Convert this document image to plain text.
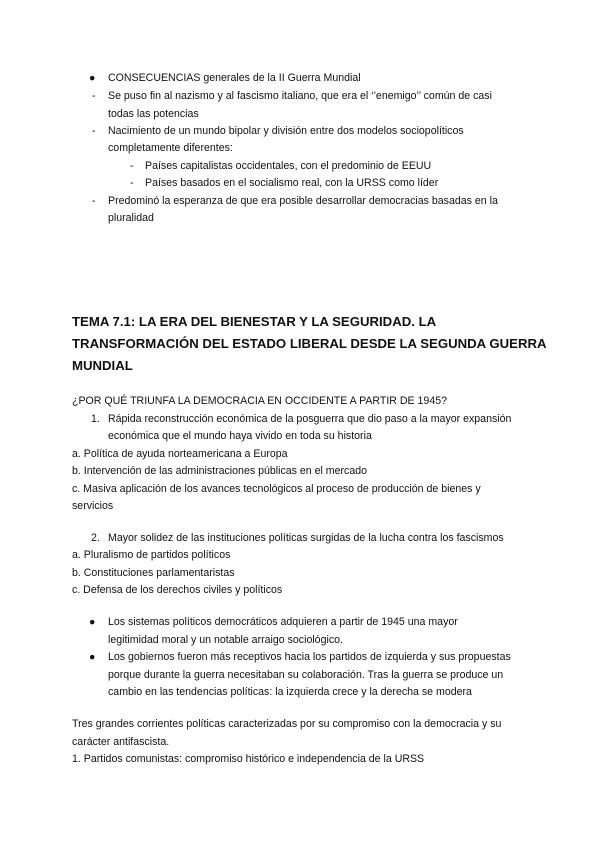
● CONSECUENCIAS generales de la II Guerra Mundial
- Se puso fin al nazismo y al fascismo italiano, que era el ‘’enemigo’’ común de casi
todas las potencias
- Nacimiento de un mundo bipolar y división entre dos modelos sociopolíticos
completamente diferentes:
- Países capitalistas occidentales, con el predominio de EEUU
- Países basados en el socialismo real, con la URSS como líder
- Predominó la esperanza de que era posible desarrollar democracias basadas en la
pluralidad
TEMA 7.1: LA ERA DEL BIENESTAR Y LA SEGURIDAD. LA
TRANSFORMACIÓN DEL ESTADO LIBERAL DESDE LA SEGUNDA GUERRA
MUNDIAL
¿POR QUÉ TRIUNFA LA DEMOCRACIA EN OCCIDENTE A PARTIR DE 1945?
1. Rápida reconstrucción económica de la posguerra que dio paso a la mayor expansión
económica que el mundo haya vivido en toda su historia
a. Política de ayuda norteamericana a Europa
b. Intervención de las administraciones públicas en el mercado
c. Masiva aplicación de los avances tecnológicos al proceso de producción de bienes y
servicios
2. Mayor solidez de las instituciones políticas surgidas de la lucha contra los fascismos
a. Pluralismo de partidos políticos
b. Constituciones parlamentaristas
c. Defensa de los derechos civiles y políticos
● Los sistemas políticos democráticos adquieren a partir de 1945 una mayor
legitimidad moral y un notable arraigo sociológico.
● Los gobiernos fueron más receptivos hacia los partidos de izquierda y sus propuestas
porque durante la guerra necesitaban su colaboración. Tras la guerra se produce un
cambio en las tendencias políticas: la izquierda crece y la derecha se modera
Tres grandes corrientes políticas caracterizadas por su compromiso con la democracia y su
carácter antifascista.
1. Partidos comunistas: compromiso histórico e independencia de la URSS
